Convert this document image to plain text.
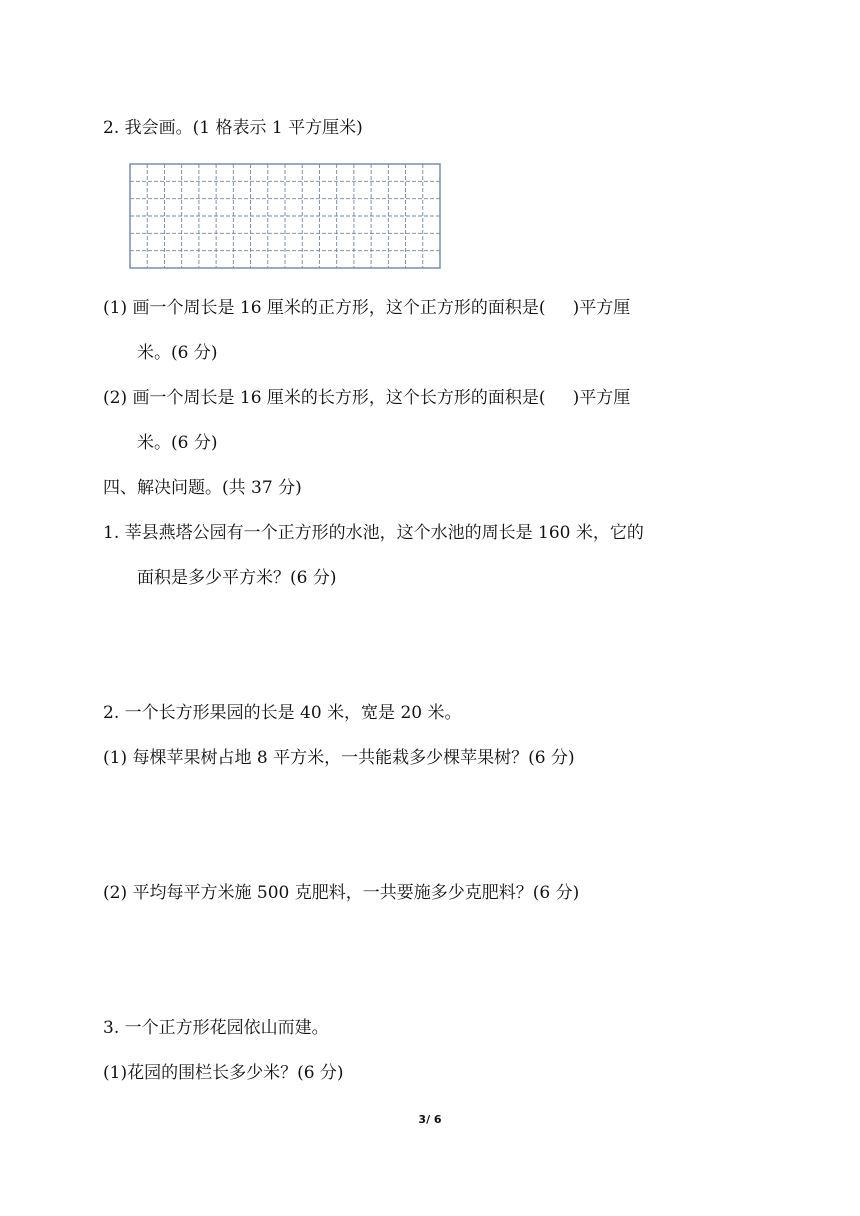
2. 我会画。(1 格表示 1 平方厘米)
(1) 画一个周长是 16 厘米的正方形，这个正方形的面积是(     )平方厘
米。(6 分)
(2) 画一个周长是 16 厘米的长方形，这个长方形的面积是(     )平方厘
米。(6 分)
四、解决问题。(共 37 分)
1. 莘县燕塔公园有一个正方形的水池，这个水池的周长是 160 米，它的
面积是多少平方米？(6 分)
2. 一个长方形果园的长是 40 米，宽是 20 米。
(1) 每棵苹果树占地 8 平方米，一共能栽多少棵苹果树？(6 分)
(2) 平均每平方米施 500 克肥料，一共要施多少克肥料？(6 分)
3. 一个正方形花园依山而建。
(1)花园的围栏长多少米？(6 分)
3/ 6
